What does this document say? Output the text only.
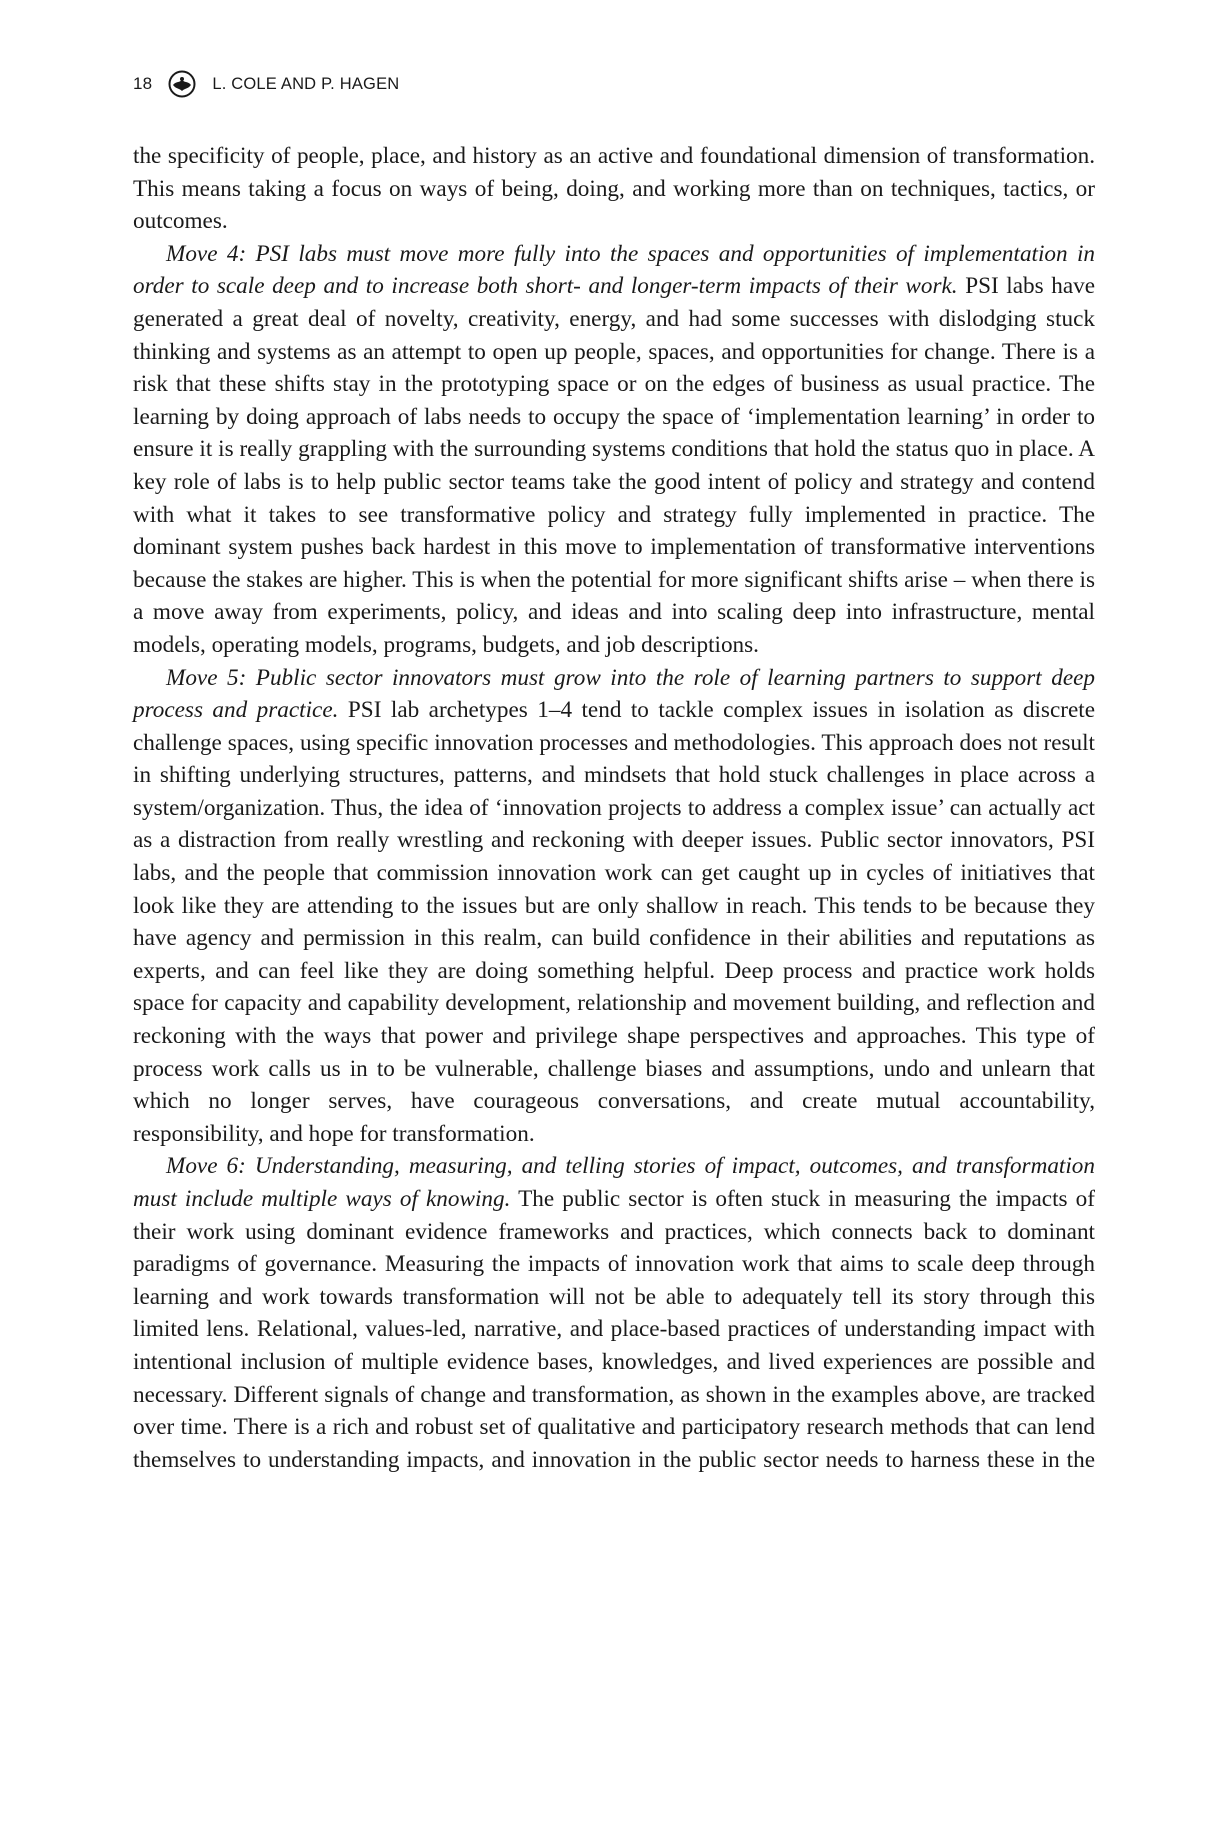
18	L. COLE AND P. HAGEN

the specificity of people, place, and history as an active and foundational dimension of transformation. This means taking a focus on ways of being, doing, and working more than on techniques, tactics, or outcomes.

Move 4: PSI labs must move more fully into the spaces and opportunities of implementation in order to scale deep and to increase both short- and longer-term impacts of their work. PSI labs have generated a great deal of novelty, creativity, energy, and had some successes with dislodging stuck thinking and systems as an attempt to open up people, spaces, and opportunities for change. There is a risk that these shifts stay in the prototyping space or on the edges of business as usual practice. The learning by doing approach of labs needs to occupy the space of ‘implementation learning’ in order to ensure it is really grappling with the surrounding systems conditions that hold the status quo in place. A key role of labs is to help public sector teams take the good intent of policy and strategy and contend with what it takes to see transformative policy and strategy fully implemented in practice. The dominant system pushes back hardest in this move to implementation of transformative interventions because the stakes are higher. This is when the potential for more significant shifts arise – when there is a move away from experiments, policy, and ideas and into scaling deep into infrastructure, mental models, operating models, programs, budgets, and job descriptions.

Move 5: Public sector innovators must grow into the role of learning partners to support deep process and practice. PSI lab archetypes 1–4 tend to tackle complex issues in isolation as discrete challenge spaces, using specific innovation processes and methodologies. This approach does not result in shifting underlying structures, patterns, and mindsets that hold stuck challenges in place across a system/organization. Thus, the idea of ‘innovation projects to address a complex issue’ can actually act as a distraction from really wrestling and reckoning with deeper issues. Public sector innovators, PSI labs, and the people that commission innovation work can get caught up in cycles of initiatives that look like they are attending to the issues but are only shallow in reach. This tends to be because they have agency and permission in this realm, can build confidence in their abilities and reputations as experts, and can feel like they are doing something helpful. Deep process and practice work holds space for capacity and capability development, relationship and movement building, and reflection and reckoning with the ways that power and privilege shape perspectives and approaches. This type of process work calls us in to be vulnerable, challenge biases and assumptions, undo and unlearn that which no longer serves, have courageous conversations, and create mutual accountability, responsibility, and hope for transformation.

Move 6: Understanding, measuring, and telling stories of impact, outcomes, and transformation must include multiple ways of knowing. The public sector is often stuck in measuring the impacts of their work using dominant evidence frameworks and practices, which connects back to dominant paradigms of governance. Measuring the impacts of innovation work that aims to scale deep through learning and work towards transformation will not be able to adequately tell its story through this limited lens. Relational, values-led, narrative, and place-based practices of understanding impact with intentional inclusion of multiple evidence bases, knowledges, and lived experiences are possible and necessary. Different signals of change and transformation, as shown in the examples above, are tracked over time. There is a rich and robust set of qualitative and participatory research methods that can lend themselves to understanding impacts, and innovation in the public sector needs to harness these in the
